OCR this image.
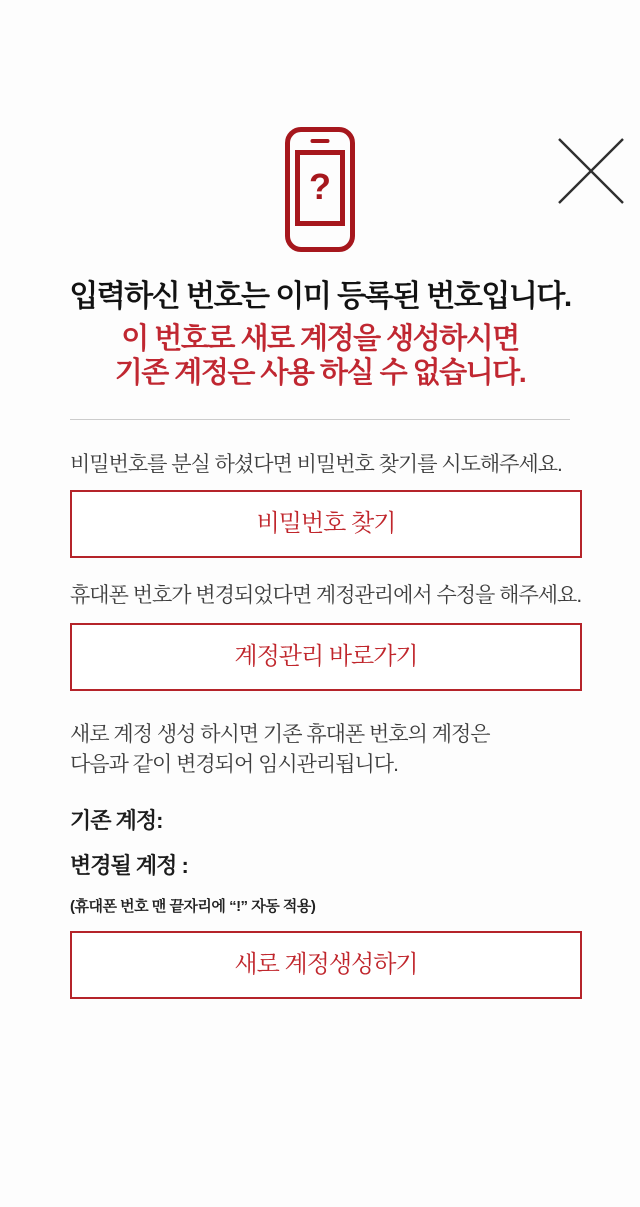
?
입력하신 번호는 이미 등록된 번호입니다.
이 번호로 새로 계정을 생성하시면
기존 계정은 사용 하실 수 없습니다.
비밀번호를 분실 하셨다면 비밀번호 찾기를 시도해주세요.
비밀번호 찾기
휴대폰 번호가 변경되었다면 계정관리에서 수정을 해주세요.
계정관리 바로가기
새로 계정 생성 하시면 기존 휴대폰 번호의 계정은
다음과 같이 변경되어 임시관리됩니다.
기존 계정:
변경될 계정 :
(휴대폰 번호 맨 끝자리에 “!” 자동 적용)
새로 계정생성하기
